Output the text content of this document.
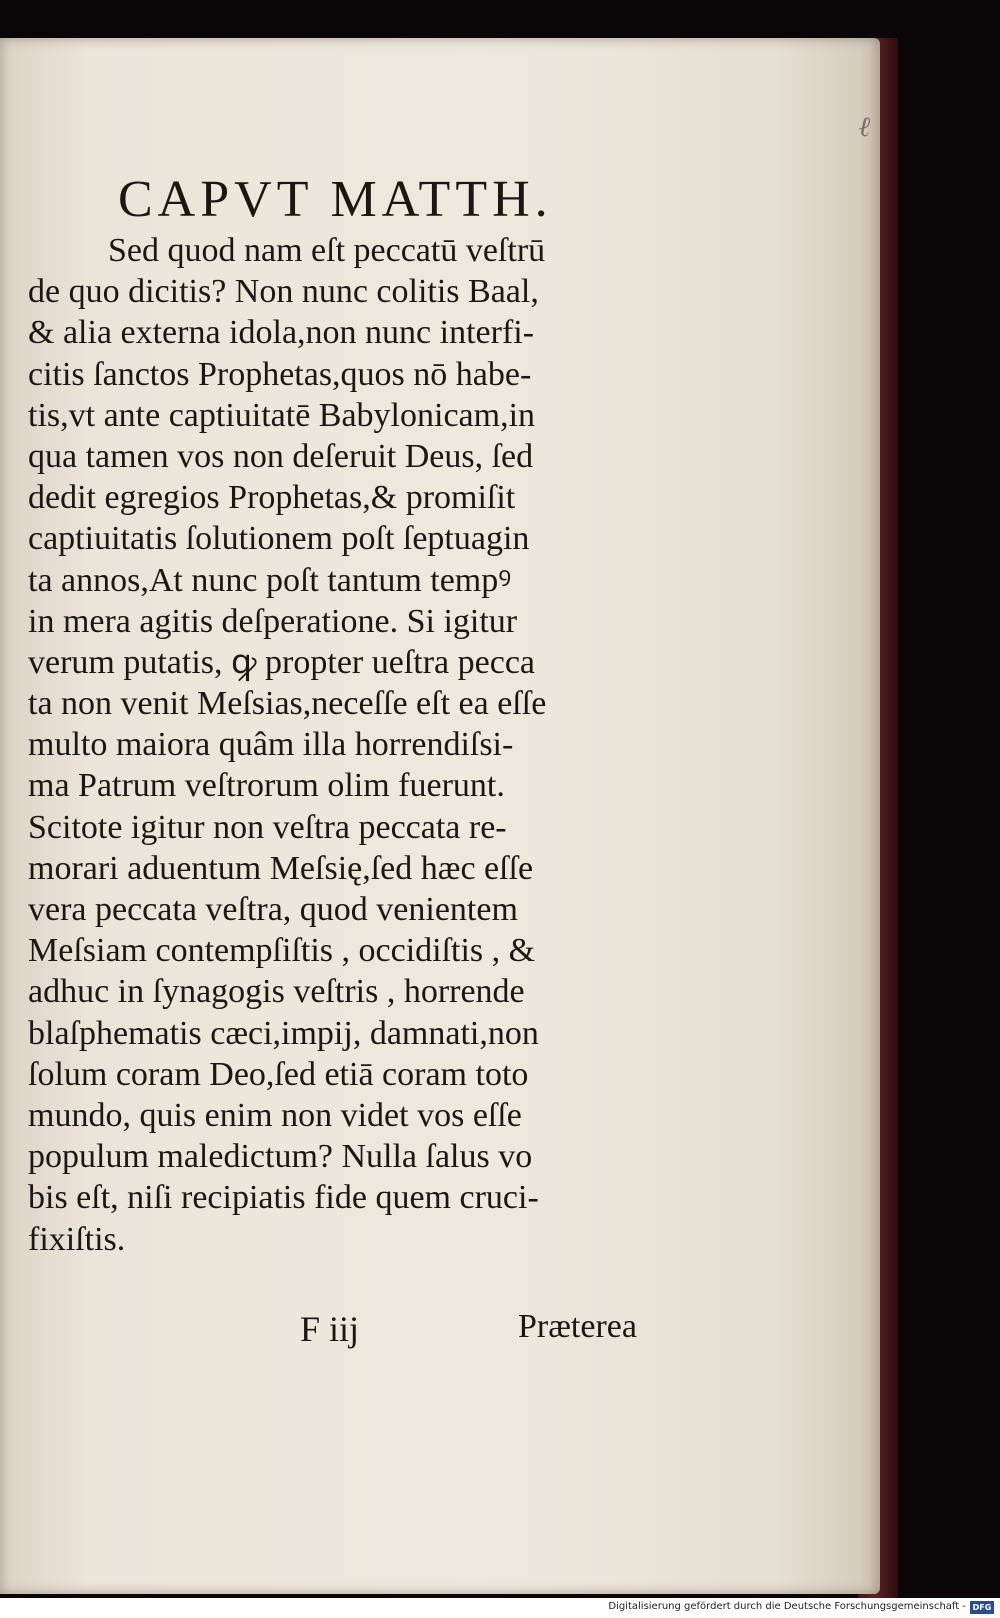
CAPVT MATTH.
Sed quod nam eſt peccatū veſtrū
de quo dicitis? Non nunc colitis Baal,
& alia externa idola,non nunc interfi-
citis ſanctos Prophetas,quos nō habe-
tis,vt ante captiuitatē Babylonicam,in
qua tamen vos non deſeruit Deus, ſed
dedit egregios Prophetas,& promiſit
captiuitatis ſolutionem poſt ſeptuagin
ta annos,At nunc poſt tantum tempꝰ
in mera agitis deſperatione. Si igitur
verum putatis, ꝙ propter ueſtra pecca
ta non venit Meſsias,neceſſe eſt ea eſſe
multo maiora quâm illa horrendiſsi-
ma Patrum veſtrorum olim fuerunt.
Scitote igitur non veſtra peccata re-
morari aduentum Meſsię,ſed hæc eſſe
vera peccata veſtra, quod venientem
Meſsiam contempſiſtis , occidiſtis , &
adhuc in ſynagogis veſtris , horrende
blaſphematis cæci,impij, damnati,non
ſolum coram Deo,ſed etiā coram toto
mundo, quis enim non videt vos eſſe
populum maledictum? Nulla ſalus vo
bis eſt, niſi recipiatis fide quem cruci-
fixiſtis.
F iij	Præterea
ℓ
Digitalisierung gefördert durch die Deutsche Forschungsgemeinschaft - DFG
